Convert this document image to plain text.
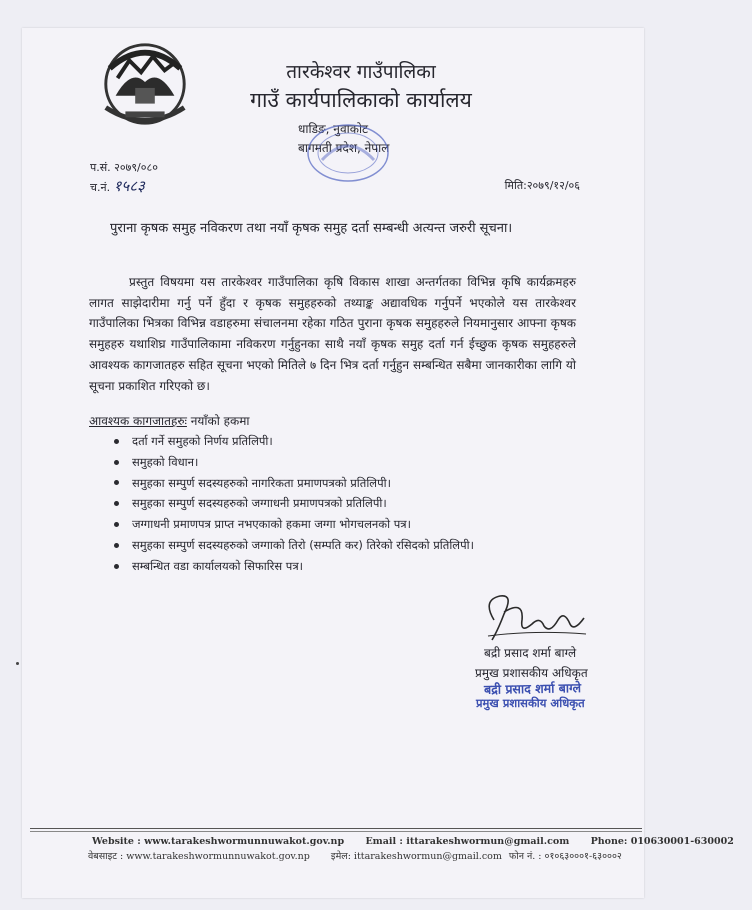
तारकेश्वर गाउँपालिका
गाउँ कार्यपालिकाको कार्यालय
धाडिङ, नुवाकोट
बागमती प्रदेश, नेपाल
प.सं. २०७९/०८०
च.नं. १५८३	मिति:२०७९/१२/०६
पुराना कृषक समुह नविकरण तथा नयाँ कृषक समुह दर्ता सम्बन्धी अत्यन्त जरुरी सूचना।
प्रस्तुत विषयमा यस तारकेश्वर गाउँपालिका कृषि विकास शाखा अन्तर्गतका विभिन्न कृषि कार्यक्रमहरु लागत साझेदारीमा गर्नु पर्ने हुँदा र कृषक समुहहरुको तथ्याङ्क अद्यावधिक गर्नुपर्ने भएकोले यस तारकेश्वर गाउँपालिका भित्रका विभिन्न वडाहरुमा संचालनमा रहेका गठित पुराना कृषक समुहहरुले नियमानुसार आफ्ना कृषक समुहहरु यथाशिघ्र गाउँपालिकामा नविकरण गर्नुहुनका साथै नयाँ कृषक समुह दर्ता गर्न ईच्छुक कृषक समुहहरुले आवश्यक कागजातहरु सहित सूचना भएको मितिले ७ दिन भित्र दर्ता गर्नुहुन सम्बन्धित सबैमा जानकारीका लागि यो सूचना प्रकाशित गरिएको छ।
आवश्यक कागजातहरुः नयाँको हकमा
दर्ता गर्ने समुहको निर्णय प्रतिलिपी।
समुहको विधान।
समुहका सम्पुर्ण सदस्यहरुको नागरिकता प्रमाणपत्रको प्रतिलिपी।
समुहका सम्पुर्ण सदस्यहरुको जग्गाधनी प्रमाणपत्रको प्रतिलिपी।
जग्गाधनी प्रमाणपत्र प्राप्त नभएकाको हकमा जग्गा भोगचलनको पत्र।
समुहका सम्पुर्ण सदस्यहरुको जग्गाको तिरो (सम्पति कर) तिरेको रसिदको प्रतिलिपी।
सम्बन्धित वडा कार्यालयको सिफारिस पत्र।
बद्री प्रसाद शर्मा बाग्ले
प्रमुख प्रशासकीय अधिकृत
बद्री प्रसाद शर्मा बाग्ले
प्रमुख प्रशासकीय अधिकृत
Website : www.tarakeshwormunnuwakot.gov.np Email : ittarakeshwormun@gmail.com Phone: 010630001-630002
वेबसाइट : www.tarakeshwormunnuwakot.gov.np इमेल: ittarakeshwormun@gmail.com फोन नं. : ०१०६३०००१-६३०००२
